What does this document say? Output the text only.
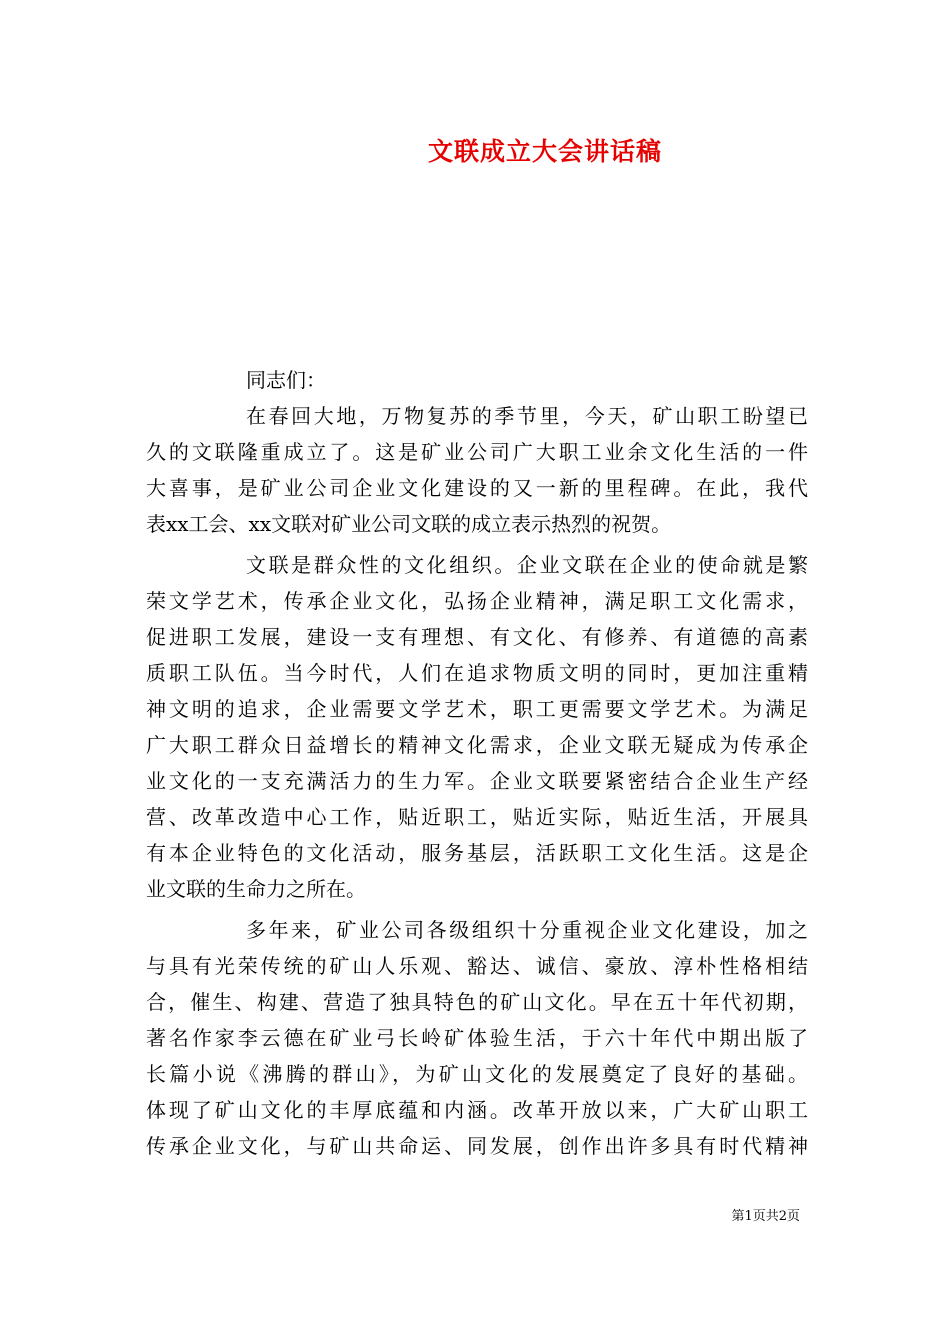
文联成立大会讲话稿

同志们：

在春回大地，万物复苏的季节里，今天，矿山职工盼望已
久的文联隆重成立了。这是矿业公司广大职工业余文化生活的一件
大喜事，是矿业公司企业文化建设的又一新的里程碑。在此，我代
表xx工会、xx文联对矿业公司文联的成立表示热烈的祝贺。

文联是群众性的文化组织。企业文联在企业的使命就是繁
荣文学艺术，传承企业文化，弘扬企业精神，满足职工文化需求，
促进职工发展，建设一支有理想、有文化、有修养、有道德的高素
质职工队伍。当今时代，人们在追求物质文明的同时，更加注重精
神文明的追求，企业需要文学艺术，职工更需要文学艺术。为满足
广大职工群众日益增长的精神文化需求，企业文联无疑成为传承企
业文化的一支充满活力的生力军。企业文联要紧密结合企业生产经
营、改革改造中心工作，贴近职工，贴近实际，贴近生活，开展具
有本企业特色的文化活动，服务基层，活跃职工文化生活。这是企
业文联的生命力之所在。

多年来，矿业公司各级组织十分重视企业文化建设，加之
与具有光荣传统的矿山人乐观、豁达、诚信、豪放、淳朴性格相结
合，催生、构建、营造了独具特色的矿山文化。早在五十年代初期，
著名作家李云德在矿业弓长岭矿体验生活，于六十年代中期出版了
长篇小说《沸腾的群山》，为矿山文化的发展奠定了良好的基础。
体现了矿山文化的丰厚底蕴和内涵。改革开放以来，广大矿山职工
传承企业文化，与矿山共命运、同发展，创作出许多具有时代精神

第1页共2页
